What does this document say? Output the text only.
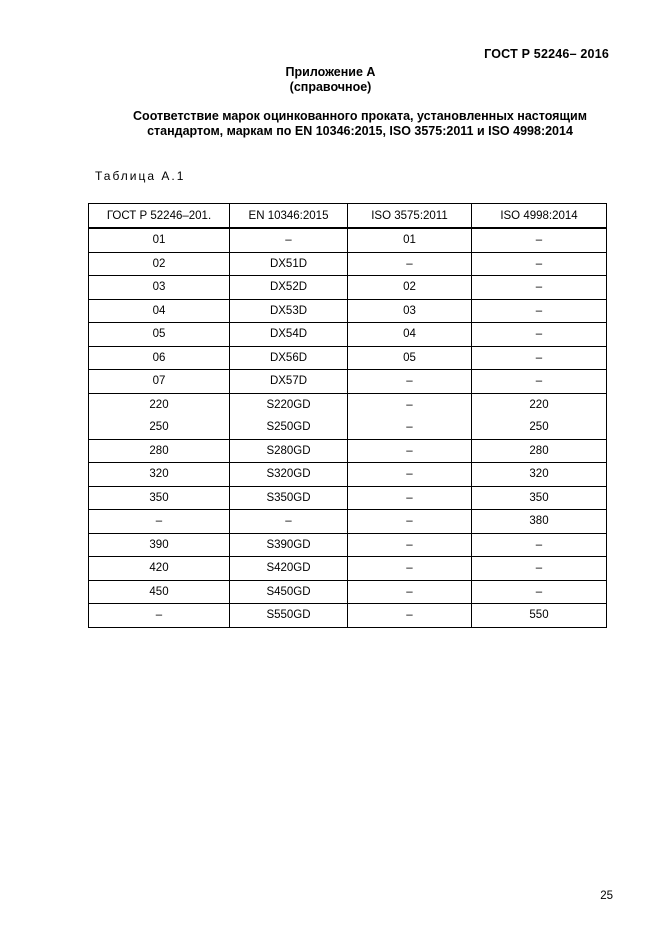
ГОСТ Р 52246– 2016
Приложение А
(справочное)
Соответствие марок оцинкованного проката, установленных настоящим
стандартом, маркам по EN 10346:2015, ISO 3575:2011 и ISO 4998:2014
Таблица А.1
ГОСТ Р 52246–201.	EN 10346:2015	ISO 3575:2011	ISO 4998:2014
01	–	01	–
02	DX51D	–	–
03	DX52D	02	–
04	DX53D	03	–
05	DX54D	04	–
06	DX56D	05	–
07	DX57D	–	–
220	S220GD	–	220
250	S250GD	–	250
280	S280GD	–	280
320	S320GD	–	320
350	S350GD	–	350
–	–	–	380
390	S390GD	–	–
420	S420GD	–	–
450	S450GD	–	–
–	S550GD	–	550
25
